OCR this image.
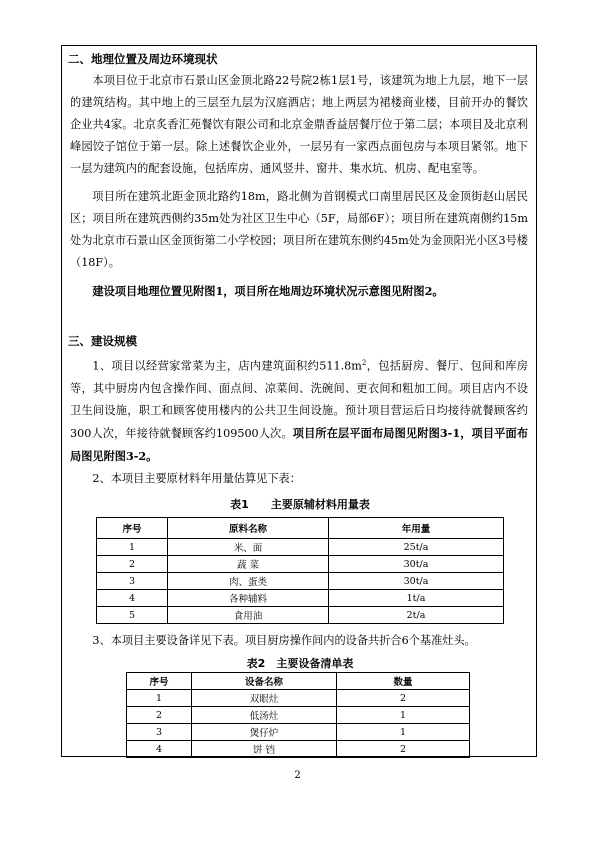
二、地理位置及周边环境现状

本项目位于北京市石景山区金顶北路22号院2栋1层1号，该建筑为地上九层，地下一层的建筑结构。其中地上的三层至九层为汉庭酒店；地上两层为裙楼商业楼，目前开办的餐饮企业共4家。北京炙香汇苑餐饮有限公司和北京金鼎香益居餐厅位于第二层；本项目及北京利峰园饺子馆位于第一层。除上述餐饮企业外，一层另有一家西点面包房与本项目紧邻。地下一层为建筑内的配套设施，包括库房、通风竖井、窗井、集水坑、机房、配电室等。

项目所在建筑北距金顶北路约18m，路北侧为首钢模式口南里居民区及金顶街赵山居民区；项目所在建筑西侧约35m处为社区卫生中心（5F，局部6F）；项目所在建筑南侧约15m处为北京市石景山区金顶街第二小学校园；项目所在建筑东侧约45m处为金顶阳光小区3号楼（18F）。

建设项目地理位置见附图1，项目所在地周边环境状况示意图见附图2。

三、建设规模

1、项目以经营家常菜为主，店内建筑面积约$511.8m^2$，包括厨房、餐厅、包间和库房等，其中厨房内包含操作间、面点间、凉菜间、洗碗间、更衣间和粗加工间。项目店内不设卫生间设施，职工和顾客使用楼内的公共卫生间设施。预计项目营运后日均接待就餐顾客约300人次，年接待就餐顾客约109500人次。项目所在层平面布局图见附图3-1，项目平面布局图见附图3-2。

2、本项目主要原材料年用量估算见下表：

表1　　主要原辅材料用量表
序号	原料名称	年用量
1	米、面	25t/a
2	蔬 菜	30t/a
3	肉、蛋类	30t/a
4	各种辅料	1t/a
5	食用油	2t/a

3、本项目主要设备详见下表。项目厨房操作间内的设备共折合6个基准灶头。

表2　主要设备清单表
序号	设备名称	数量
1	双眼灶	2
2	低汤灶	1
3	煲仔炉	1
4	饼 铛	2
2
